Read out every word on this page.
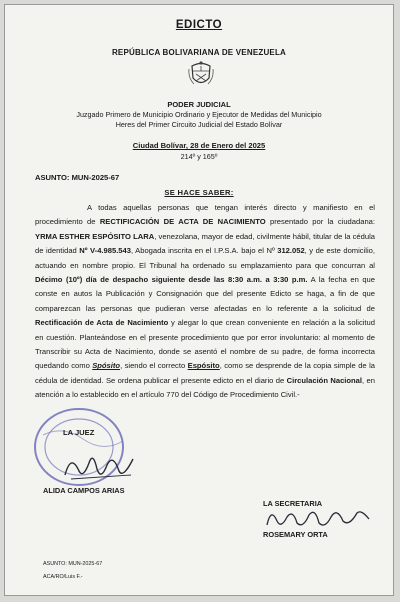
EDICTO
REPÚBLICA BOLIVARIANA DE VENEZUELA
PODER JUDICIAL
Juzgado Primero de Municipio Ordinario y Ejecutor de Medidas del Municipio
Heres del Primer Circuito Judicial del Estado Bolívar
Ciudad Bolívar, 28 de Enero del 2025
214º y 165º
ASUNTO: MUN-2025-67
SE HACE SABER:

A todas aquellas personas que tengan interés directo y manifiesto en el procedimiento de RECTIFICACIÓN DE ACTA DE NACIMIENTO presentado por la ciudadana: YRMA ESTHER ESPÓSITO LARA, venezolana, mayor de edad, civilmente hábil, titular de la cédula de identidad Nº V-4.985.543, Abogada inscrita en el I.P.S.A. bajo el Nº 312.052, y de este domicilio, actuando en nombre propio. El Tribunal ha ordenado su emplazamiento para que concurran al Décimo (10º) día de despacho siguiente desde las 8:30 a.m. a 3:30 p.m. A la fecha en que conste en autos la Publicación y Consignación que del presente Edicto se haga, a fin de que comparezcan las personas que pudieran verse afectadas en lo referente a la solicitud de Rectificación de Acta de Nacimiento y alegar lo que crean conveniente en relación a la solicitud en cuestión. Planteándose en el presente procedimiento que por error involuntario: al momento de Transcribir su Acta de Nacimiento, donde se asentó el nombre de su padre, de forma incorrecta quedando como Spósito, siendo el correcto Espósito, como se desprende de la copia simple de la cédula de identidad. Se ordena publicar el presente edicto en el diario de Circulación Nacional, en atención a lo establecido en el artículo 770 del Código de Procedimiento Civil.-

LA JUEZ
ALIDA CAMPOS ARIAS
LA SECRETARIA
ROSEMARY ORTA
ASUNTO: MUN-2025-67
ACA/RO/Luis F.-
